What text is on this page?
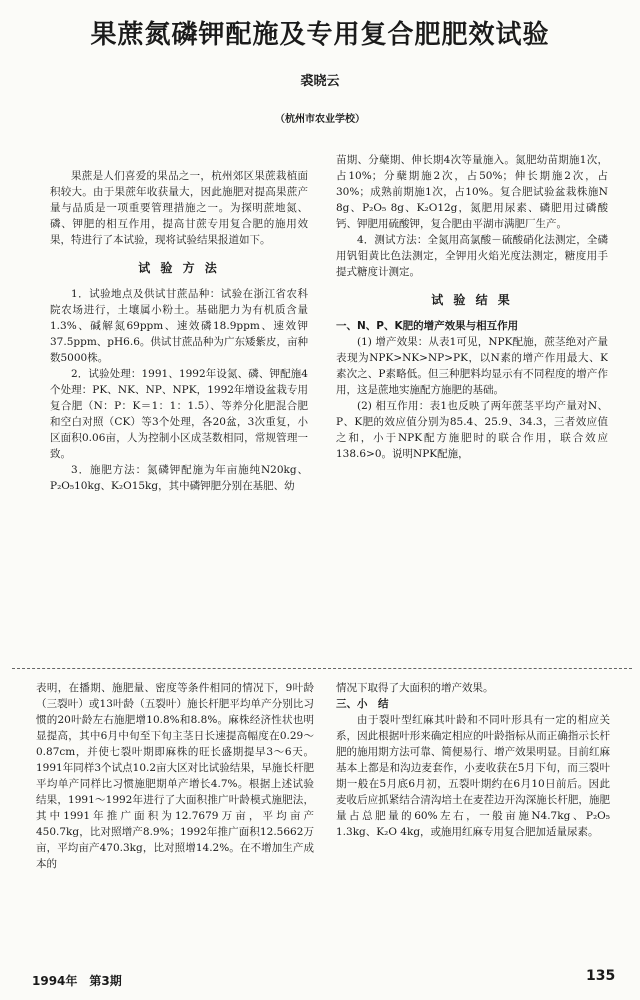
果蔗氮磷钾配施及专用复合肥肥效试验
裘晓云
（杭州市农业学校）

果蔗是人们喜爱的果品之一，杭州郊区果蔗栽植面积较大。由于果蔗年收获量大，因此施肥对提高果蔗产量与品质是一项重要管理措施之一。为探明蔗地氮、磷、钾肥的相互作用，提高甘蔗专用复合肥的施用效果，特进行了本试验，现将试验结果报道如下。

试 验 方 法

1．试验地点及供试甘蔗品种：试验在浙江省农科院农场进行，土壤属小粉土。基础肥力为有机质含量1.3%、碱解氮69ppm、速效磷18.9ppm、速效钾37.5ppm、pH6.6。供试甘蔗品种为广东矮紫皮，亩种数5000株。

2．试验处理：1991、1992年设氮、磷、钾配施4个处理：PK、NK、NP、NPK，1992年增设盆栽专用复合肥（N：P：K＝1：1：1.5）、等养分化肥混合肥和空白对照（CK）等3个处理，各20盆，3次重复，小区面积0.06亩，人为控制小区成茎数相同，常规管理一致。

3．施肥方法：氮磷钾配施为年亩施纯N20kg、P₂O₅10kg、K₂O15kg，其中磷钾肥分别在基肥、幼

苗期、分蘖期、伸长期4次等量施入。氮肥幼苗期施1次，占10%；分蘖期施2次，占50%；伸长期施2次，占30%；成熟前期施1次，占10%。复合肥试验盆栽株施N 8g、P₂O₅ 8g、K₂O12g，氮肥用尿素、磷肥用过磷酸钙、钾肥用硫酸钾，复合肥由平湖市满肥厂生产。

4．测试方法：全氮用高氯酸－硫酸硝化法测定，全磷用钒钼黄比色法测定，全钾用火焰光度法测定，糖度用手提式糖度计测定。

试 验 结 果

一、N、P、K肥的增产效果与相互作用

(1) 增产效果：从表1可见，NPK配施，蔗茎绝对产量表现为NPK>NK>NP>PK，以N素的增产作用最大、K素次之、P素略低。但三种肥料均显示有不同程度的增产作用，这是蔗地实施配方施肥的基础。

(2) 相互作用：表1也反映了两年蔗茎平均产量对N、P、K肥的效应值分别为85.4、25.9、34.3，三者效应值之和，小于NPK配方施肥时的联合作用，联合效应138.6>0。说明NPK配施，

表明，在播期、施肥量、密度等条件相同的情况下，9叶龄（三裂叶）或13叶龄（五裂叶）施长杆肥平均单产分别比习惯的20叶龄左右施肥增10.8%和8.8%。麻株经济性状也明显提高，其中6月中旬至下旬主茎日长速提高幅度在0.29～0.87cm，并使七裂叶期即麻株的旺长盛期提早3～6天。1991年同样3个试点10.2亩大区对比试验结果，早施长杆肥平均单产同样比习惯施肥期单产增长4.7%。根据上述试验结果，1991～1992年进行了大面积推广叶龄模式施肥法，其中1991年推广面积为12.7679万亩，平均亩产450.7kg，比对照增产8.9%；1992年推广面积12.5662万亩，平均亩产470.3kg，比对照增14.2%。在不增加生产成本的

情况下取得了大面积的增产效果。

三、小　结

由于裂叶型红麻其叶龄和不同叶形具有一定的相应关系，因此根据叶形来确定相应的叶龄指标从而正确指示长杆肥的施用期方法可靠、简便易行、增产效果明显。目前红麻基本上都是和沟边麦套作，小麦收获在5月下旬，而三裂叶期一般在5月底6月初，五裂叶期约在6月10日前后。因此麦收后应抓紧结合清沟培土在麦茬边开沟深施长杆肥，施肥量占总肥量的60%左右，一般亩施N4.7kg、P₂O₅ 1.3kg、K₂O 4kg，或施用红麻专用复合肥加适量尿素。

1994年　第3期	135
